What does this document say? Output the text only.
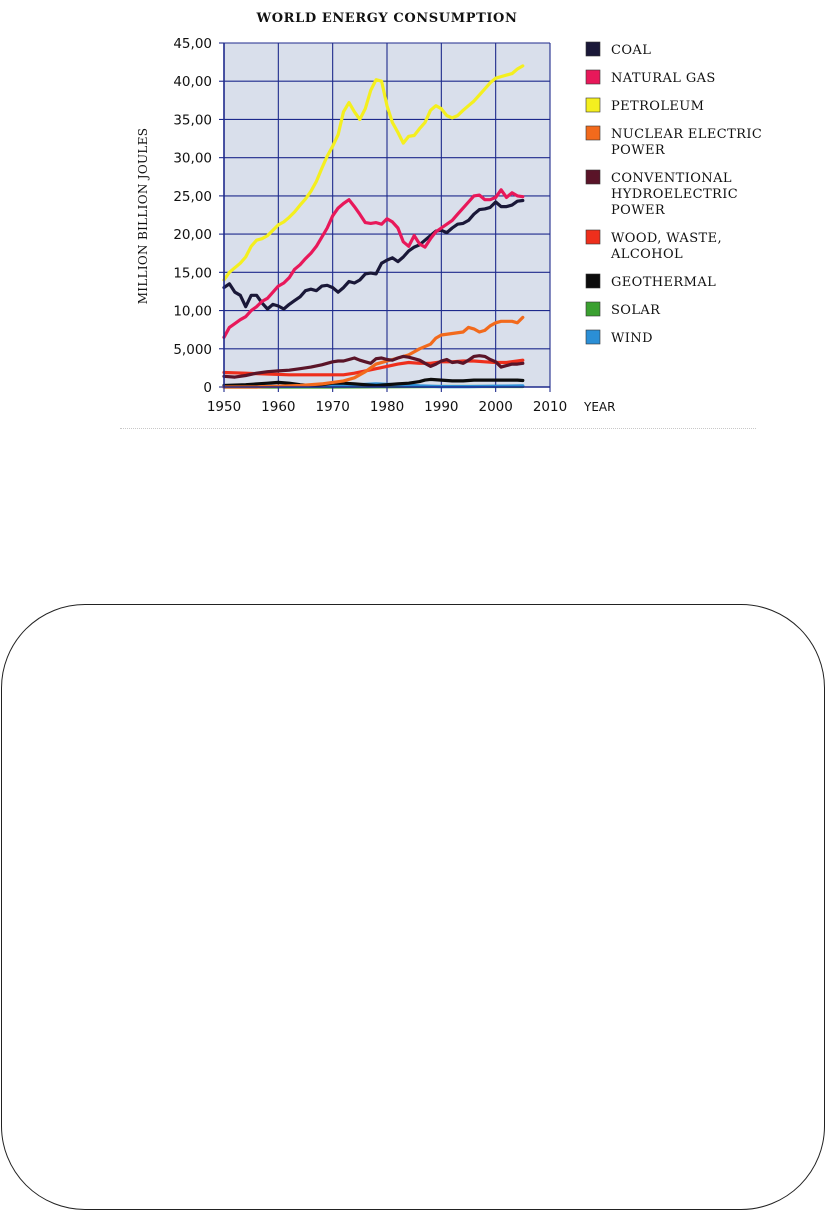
WORLD ENERGY CONSUMPTION
1950 1960 1970 1980 1990 2000 2010
0
5,000
10,00
15,00
20,00
25,00
30,00
35,00
40,00
45,00
MILLION BILLION JOULES
YEAR
COAL
NATURAL GAS
PETROLEUM
NUCLEAR ELECTRIC
POWER
CONVENTIONAL
HYDROELECTRIC
POWER
WOOD, WASTE,
ALCOHOL
GEOTHERMAL
SOLAR
WIND
